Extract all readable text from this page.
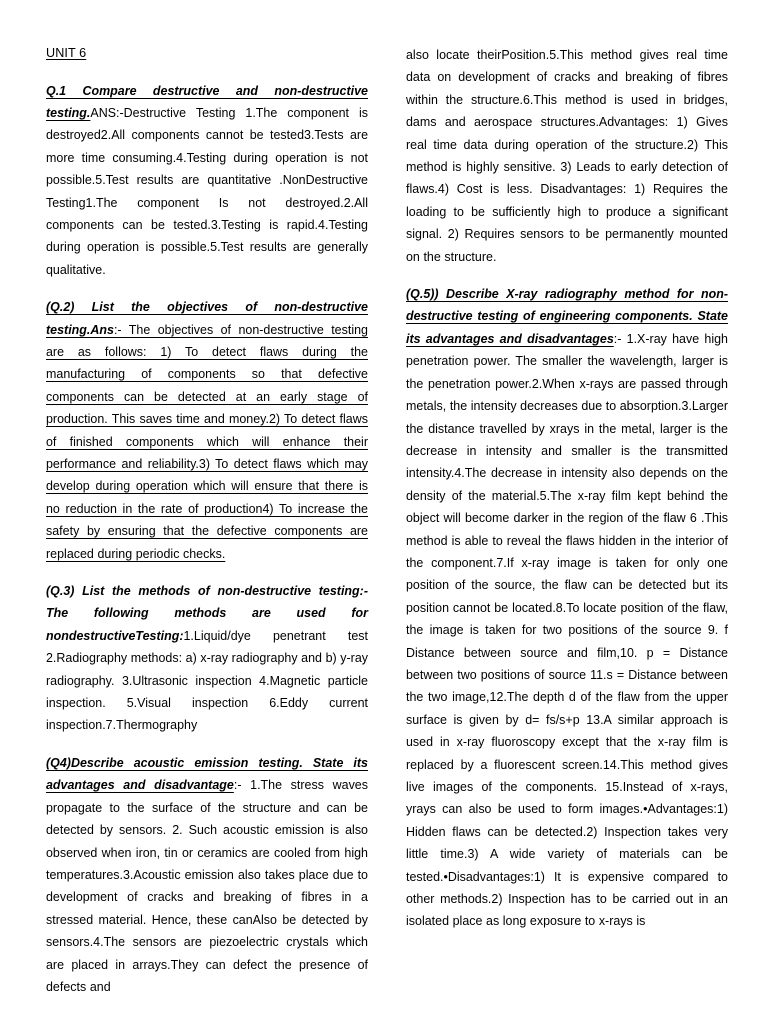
UNIT 6

Q.1 Compare destructive and non-destructive testing.ANS:-Destructive Testing 1.The component is destroyed2.All components cannot be tested3.Tests are more time consuming.4.Testing during operation is not possible.5.Test results are quantitative .NonDestructive Testing1.The component Is not destroyed.2.All components can be tested.3.Testing is rapid.4.Testing during operation is possible.5.Test results are generally qualitative.

(Q.2) List the objectives of non-destructive testing.Ans:- The objectives of non-destructive testing are as follows: 1) To detect flaws during the manufacturing of components so that defective components can be detected at an early stage of production. This saves time and money.2) To detect flaws of finished components which will enhance their performance and reliability.3) To detect flaws which may develop during operation which will ensure that there is no reduction in the rate of production4) To increase the safety by ensuring that the defective components are replaced during periodic checks.

(Q.3) List the methods of non-destructive testing:- The following methods are used for nondestructiveTesting:1.Liquid/dye penetrant test 2.Radiography methods: a) x-ray radiography and b) y-ray radiography. 3.Ultrasonic inspection 4.Magnetic particle inspection. 5.Visual inspection 6.Eddy current inspection.7.Thermography

(Q4)Describe acoustic emission testing. State its advantages and disadvantage:- 1.The stress waves propagate to the surface of the structure and can be detected by sensors. 2. Such acoustic emission is also observed when iron, tin or ceramics are cooled from high temperatures.3.Acoustic emission also takes place due to development of cracks and breaking of fibres in a stressed material. Hence, these canAlso be detected by sensors.4.The sensors are piezoelectric crystals which are placed in arrays.They can defect the presence of defects and

also locate theirPosition.5.This method gives real time data on development of cracks and breaking of fibres within the structure.6.This method is used in bridges, dams and aerospace structures.Advantages: 1) Gives real time data during operation of the structure.2) This method is highly sensitive. 3) Leads to early detection of flaws.4) Cost is less. Disadvantages: 1) Requires the loading to be sufficiently high to produce a significant signal. 2) Requires sensors to be permanently mounted on the structure.

(Q.5)) Describe X-ray radiography method for non-destructive testing of engineering components. State its advantages and disadvantages:- 1.X-ray have high penetration power. The smaller the wavelength, larger is the penetration power.2.When x-rays are passed through metals, the intensity decreases due to absorption.3.Larger the distance travelled by xrays in the metal, larger is the decrease in intensity and smaller is the transmitted intensity.4.The decrease in intensity also depends on the density of the material.5.The x-ray film kept behind the object will become darker in the region of the flaw 6 .This method is able to reveal the flaws hidden in the interior of the component.7.If x-ray image is taken for only one position of the source, the flaw can be detected but its position cannot be located.8.To locate position of the flaw, the image is taken for two positions of the source 9. f Distance between source and film,10. p = Distance between two positions of source 11.s = Distance between the two image,12.The depth d of the flaw from the upper surface is given by d= fs/s+p 13.A similar approach is used in x-ray fluoroscopy except that the x-ray film is replaced by a fluorescent screen.14.This method gives live images of the components. 15.Instead of x-rays, yrays can also be used to form images.•Advantages:1) Hidden flaws can be detected.2) Inspection takes very little time.3) A wide variety of materials can be tested.•Disadvantages:1) It is expensive compared to other methods.2) Inspection has to be carried out in an isolated place as long exposure to x-rays is
